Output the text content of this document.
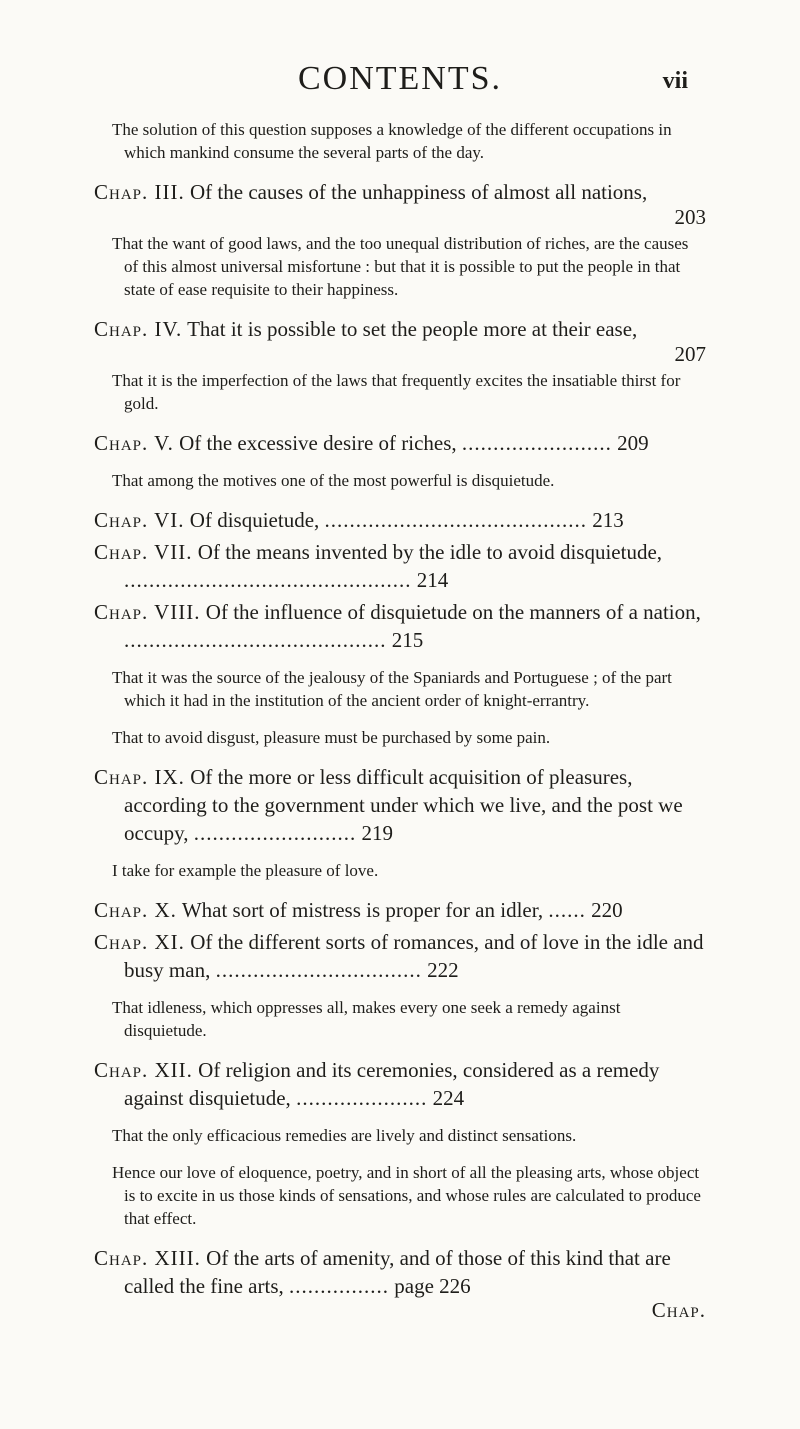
CONTENTS.	vii

The solution of this question supposes a knowledge of the different occupations in which mankind consume the several parts of the day.

Chap. III. Of the causes of the unhappiness of almost all nations,
203

That the want of good laws, and the too unequal distribution of riches, are the causes of this almost universal misfortune : but that it is possible to put the people in that state of ease requisite to their happiness.

Chap. IV. That it is possible to set the people more at their ease,
207

That it is the imperfection of the laws that frequently excites the insatiable thirst for gold.

Chap. V. Of the excessive desire of riches, ........................ 209

That among the motives one of the most powerful is disquietude.

Chap. VI. Of disquietude, .......................................... 213
Chap. VII. Of the means invented by the idle to avoid disquietude, .............................................. 214
Chap. VIII. Of the influence of disquietude on the manners of a nation, .......................................... 215

That it was the source of the jealousy of the Spaniards and Portuguese ; of the part which it had in the institution of the ancient order of knight-errantry.

That to avoid disgust, pleasure must be purchased by some pain.

Chap. IX. Of the more or less difficult acquisition of pleasures, according to the government under which we live, and the post we occupy, .......................... 219

I take for example the pleasure of love.

Chap. X. What sort of mistress is proper for an idler, ...... 220
Chap. XI. Of the different sorts of romances, and of love in the idle and busy man, ................................. 222

That idleness, which oppresses all, makes every one seek a remedy against disquietude.

Chap. XII. Of religion and its ceremonies, considered as a remedy against disquietude, ..................... 224

That the only efficacious remedies are lively and distinct sensations.

Hence our love of eloquence, poetry, and in short of all the pleasing arts, whose object is to excite in us those kinds of sensations, and whose rules are calculated to produce that effect.

Chap. XIII. Of the arts of amenity, and of those of this kind that are called the fine arts, ................ page 226
Chap.
